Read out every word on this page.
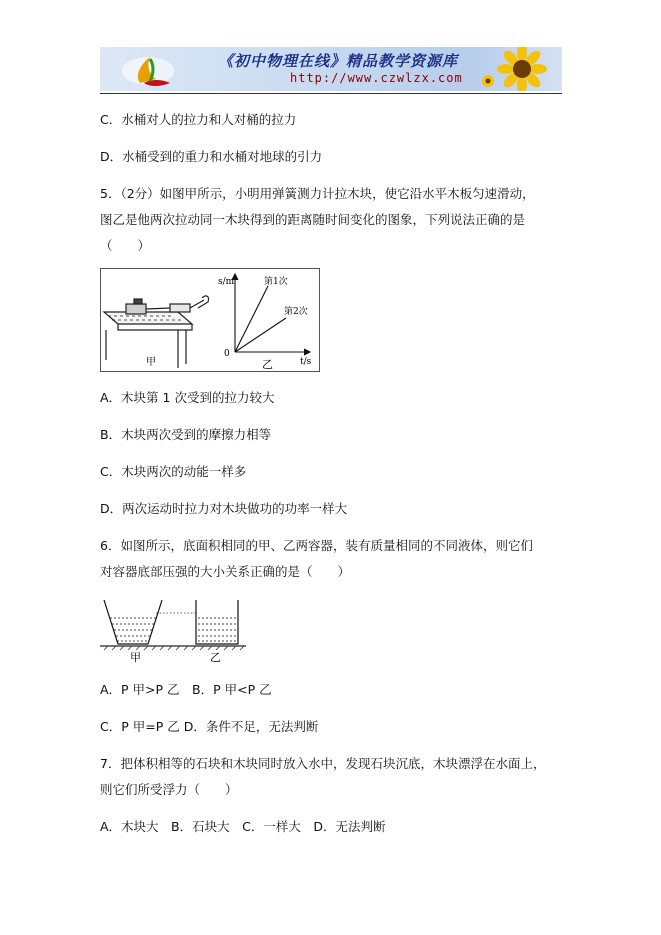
《初中物理在线》精品教学资源库
http://www.czwlzx.com
C．水桶对人的拉力和人对桶的拉力
D．水桶受到的重力和水桶对地球的引力
5．（2分）如图甲所示，小明用弹簧测力计拉木块，使它沿水平木板匀速滑动，
图乙是他两次拉动同一木块得到的距离随时间变化的图象，下列说法正确的是
（　　）
甲
s/m
t/s
0
第1次
第2次
乙
A．木块第 1 次受到的拉力较大
B．木块两次受到的摩擦力相等
C．木块两次的动能一样多
D．两次运动时拉力对木块做功的功率一样大
6．如图所示，底面积相同的甲、乙两容器，装有质量相同的不同液体，则它们
对容器底部压强的大小关系正确的是（　　）
甲	乙
A．P 甲>P 乙　B．P 甲<P 乙
C．P 甲=P 乙 D．条件不足，无法判断
7．把体积相等的石块和木块同时放入水中，发现石块沉底，木块漂浮在水面上，
则它们所受浮力（　　）
A．木块大　B．石块大　C．一样大　D．无法判断
